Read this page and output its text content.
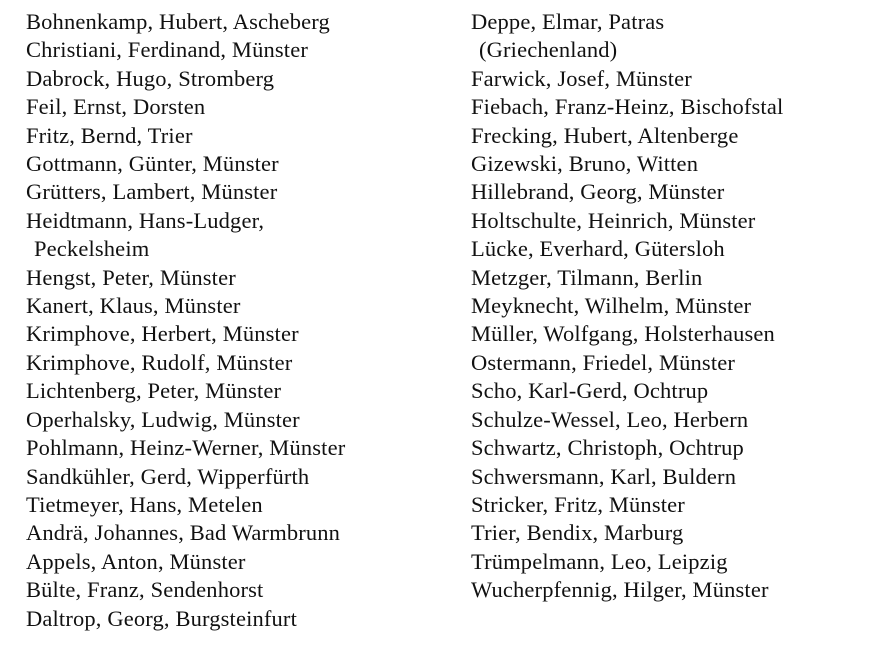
Bohnenkamp, Hubert, Ascheberg
Christiani, Ferdinand, Münster
Dabrock, Hugo, Stromberg
Feil, Ernst, Dorsten
Fritz, Bernd, Trier
Gottmann, Günter, Münster
Grütters, Lambert, Münster
Heidtmann, Hans-Ludger,
Peckelsheim
Hengst, Peter, Münster
Kanert, Klaus, Münster
Krimphove, Herbert, Münster
Krimphove, Rudolf, Münster
Lichtenberg, Peter, Münster
Operhalsky, Ludwig, Münster
Pohlmann, Heinz-Werner, Münster
Sandkühler, Gerd, Wipperfürth
Tietmeyer, Hans, Metelen
Andrä, Johannes, Bad Warmbrunn
Appels, Anton, Münster
Bülte, Franz, Sendenhorst
Daltrop, Georg, Burgsteinfurt
Deppe, Elmar, Patras
(Griechenland)
Farwick, Josef, Münster
Fiebach, Franz-Heinz, Bischofstal
Frecking, Hubert, Altenberge
Gizewski, Bruno, Witten
Hillebrand, Georg, Münster
Holtschulte, Heinrich, Münster
Lücke, Everhard, Gütersloh
Metzger, Tilmann, Berlin
Meyknecht, Wilhelm, Münster
Müller, Wolfgang, Holsterhausen
Ostermann, Friedel, Münster
Scho, Karl-Gerd, Ochtrup
Schulze-Wessel, Leo, Herbern
Schwartz, Christoph, Ochtrup
Schwersmann, Karl, Buldern
Stricker, Fritz, Münster
Trier, Bendix, Marburg
Trümpelmann, Leo, Leipzig
Wucherpfennig, Hilger, Münster
